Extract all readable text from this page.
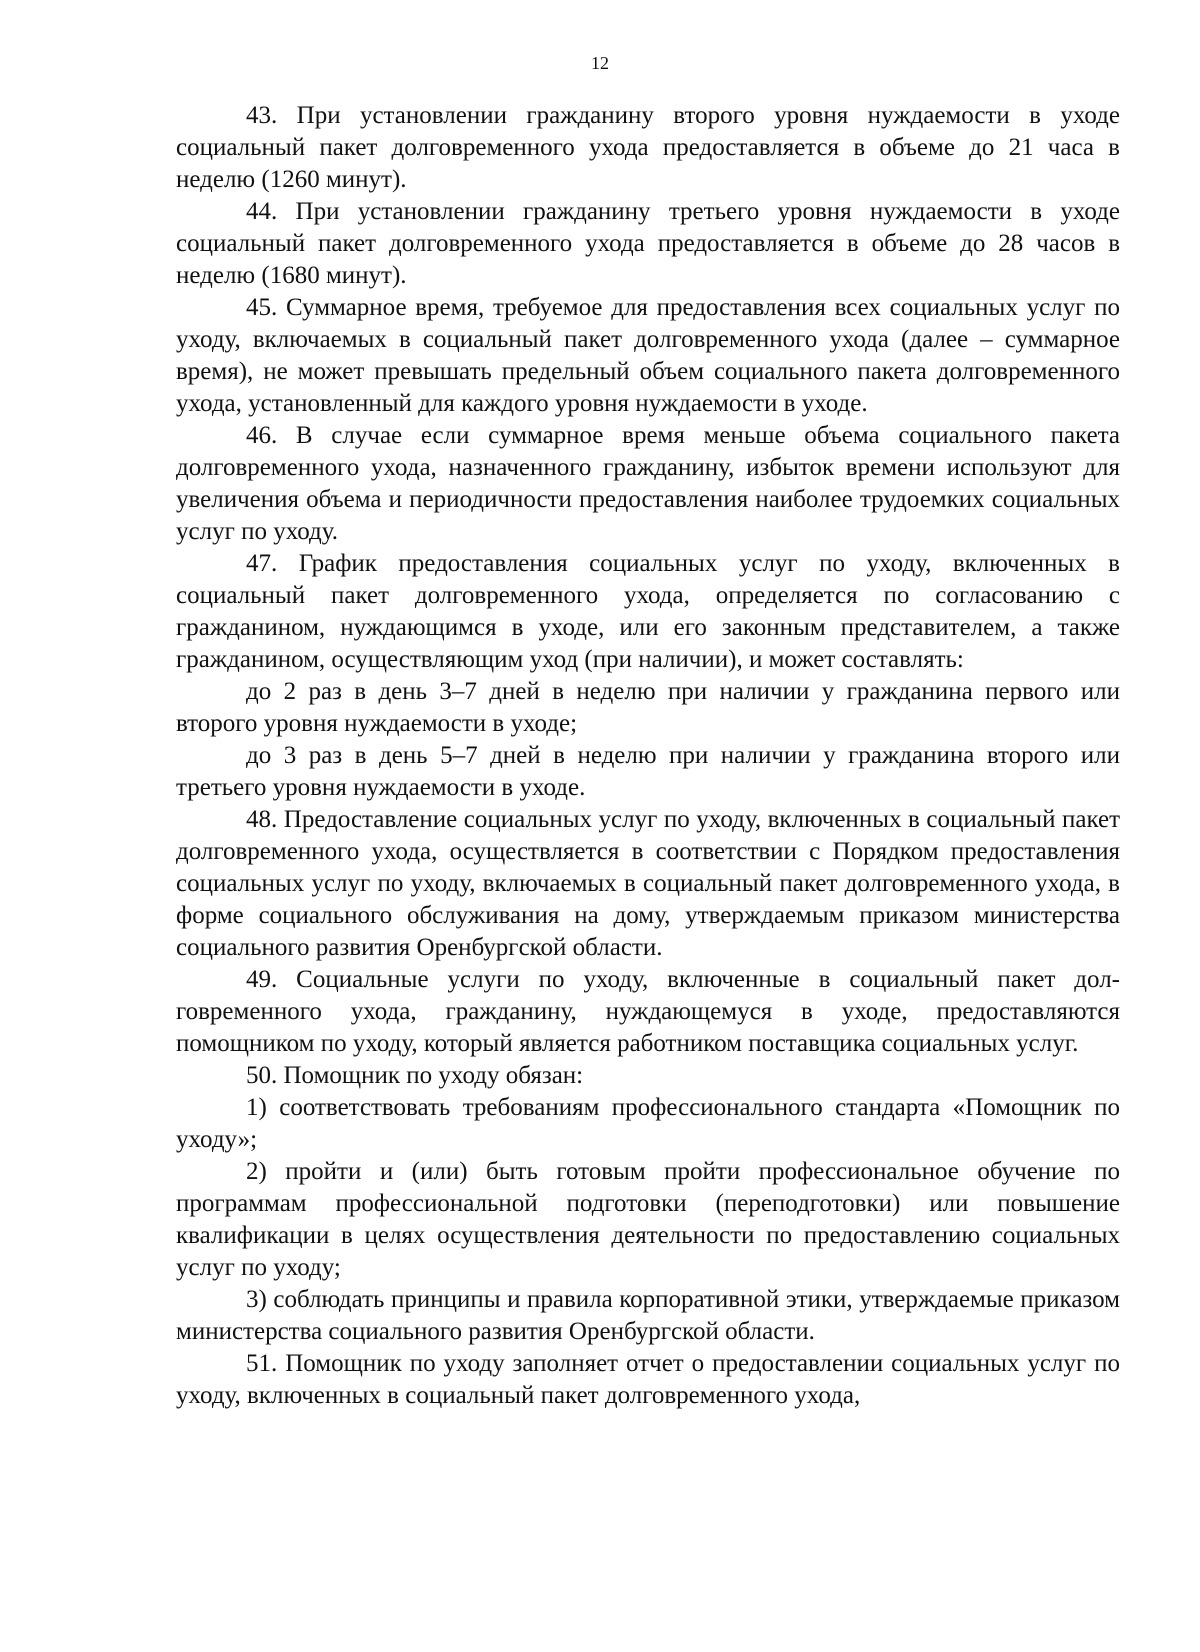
12

43. При установлении гражданину второго уровня нуждаемости в уходе социальный пакет долговременного ухода предоставляется в объеме до 21 часа в неделю (1260 минут).

44. При установлении гражданину третьего уровня нуждаемости в уходе социальный пакет долговременного ухода предоставляется в объеме до 28 часов в неделю (1680 минут).

45. Суммарное время, требуемое для предоставления всех социальных услуг по уходу, включаемых в социальный пакет долговременного ухода (далее – суммарное время), не может превышать предельный объем социального пакета долговременного ухода, установленный для каждого уровня нуждаемости в уходе.

46. В случае если суммарное время меньше объема социального пакета долговременного ухода, назначенного гражданину, избыток времени используют для увеличения объема и периодичности предоставления наиболее трудоемких социальных услуг по уходу.

47. График предоставления социальных услуг по уходу, включенных в социальный пакет долговременного ухода, определяется по согласованию с гражданином, нуждающимся в уходе, или его законным представителем, а также гражданином, осуществляющим уход (при наличии), и может составлять:

до 2 раз в день 3–7 дней в неделю при наличии у гражданина первого или второго уровня нуждаемости в уходе;

до 3 раз в день 5–7 дней в неделю при наличии у гражданина второго или третьего уровня нуждаемости в уходе.

48. Предоставление социальных услуг по уходу, включенных в социальный пакет долговременного ухода, осуществляется в соответствии с Порядком предоставления социальных услуг по уходу, включаемых в социальный пакет долговременного ухода, в форме социального обслуживания на дому, утверждаемым приказом министерства социального развития Оренбургской области.

49. Социальные услуги по уходу, включенные в социальный пакет долговременного ухода, гражданину, нуждающемуся в уходе, предоставляются помощником по уходу, который является работником поставщика социальных услуг.

50. Помощник по уходу обязан:

1) соответствовать требованиям профессионального стандарта «Помощник по уходу»;

2) пройти и (или) быть готовым пройти профессиональное обучение по программам профессиональной подготовки (переподготовки) или повышение квалификации в целях осуществления деятельности по предоставлению социальных услуг по уходу;

3) соблюдать принципы и правила корпоративной этики, утверждаемые приказом министерства социального развития Оренбургской области.

51. Помощник по уходу заполняет отчет о предоставлении социальных услуг по уходу, включенных в социальный пакет долговременного ухода,
